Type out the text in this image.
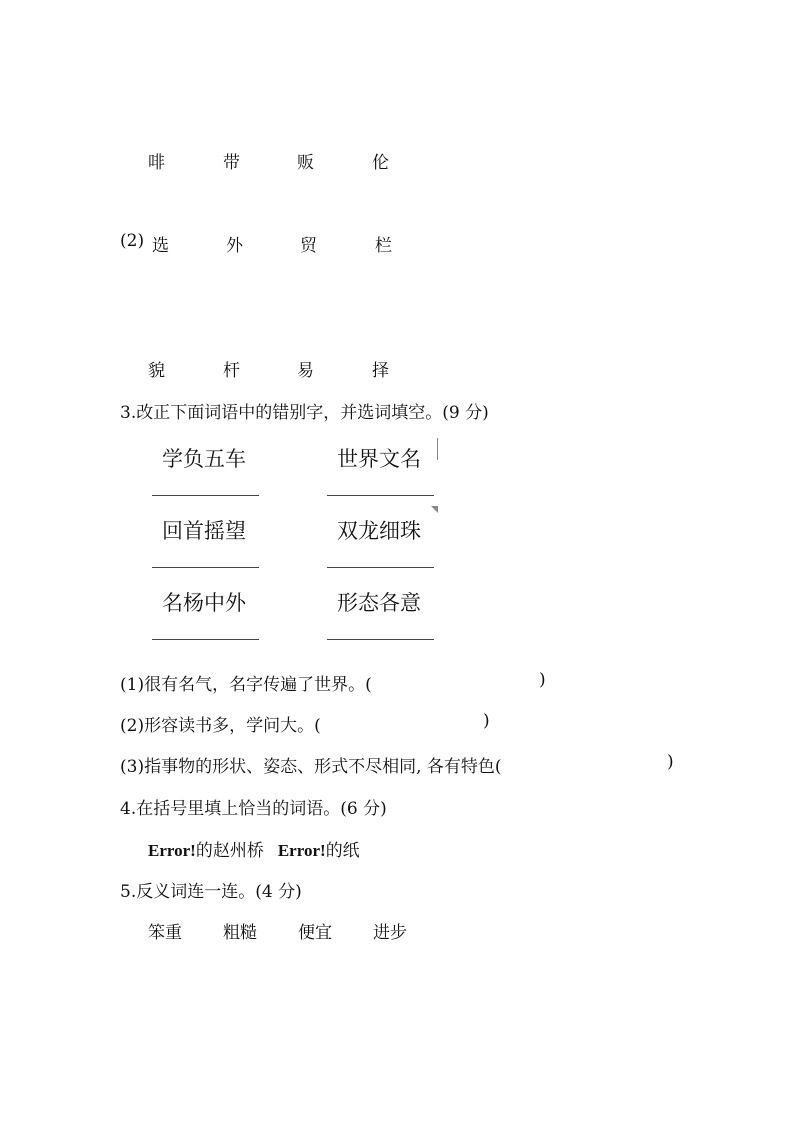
啡	带	贩	伦
(2) 选	外	贸	栏
貌	杆	易	择
3.改正下面词语中的错别字，并选词填空。(9 分)
学负五车	世界文名
回首摇望	双龙细珠
名杨中外	形态各意
(1)很有名气，名字传遍了世界。(	)
(2)形容读书多，学问大。(	)
(3)指事物的形状、姿态、形式不尽相同, 各有特色(	)
4.在括号里填上恰当的词语。(6 分)
Error!的赵州桥 Error!的纸
5.反义词连一连。(4 分)
笨重 粗糙 便宜 进步
